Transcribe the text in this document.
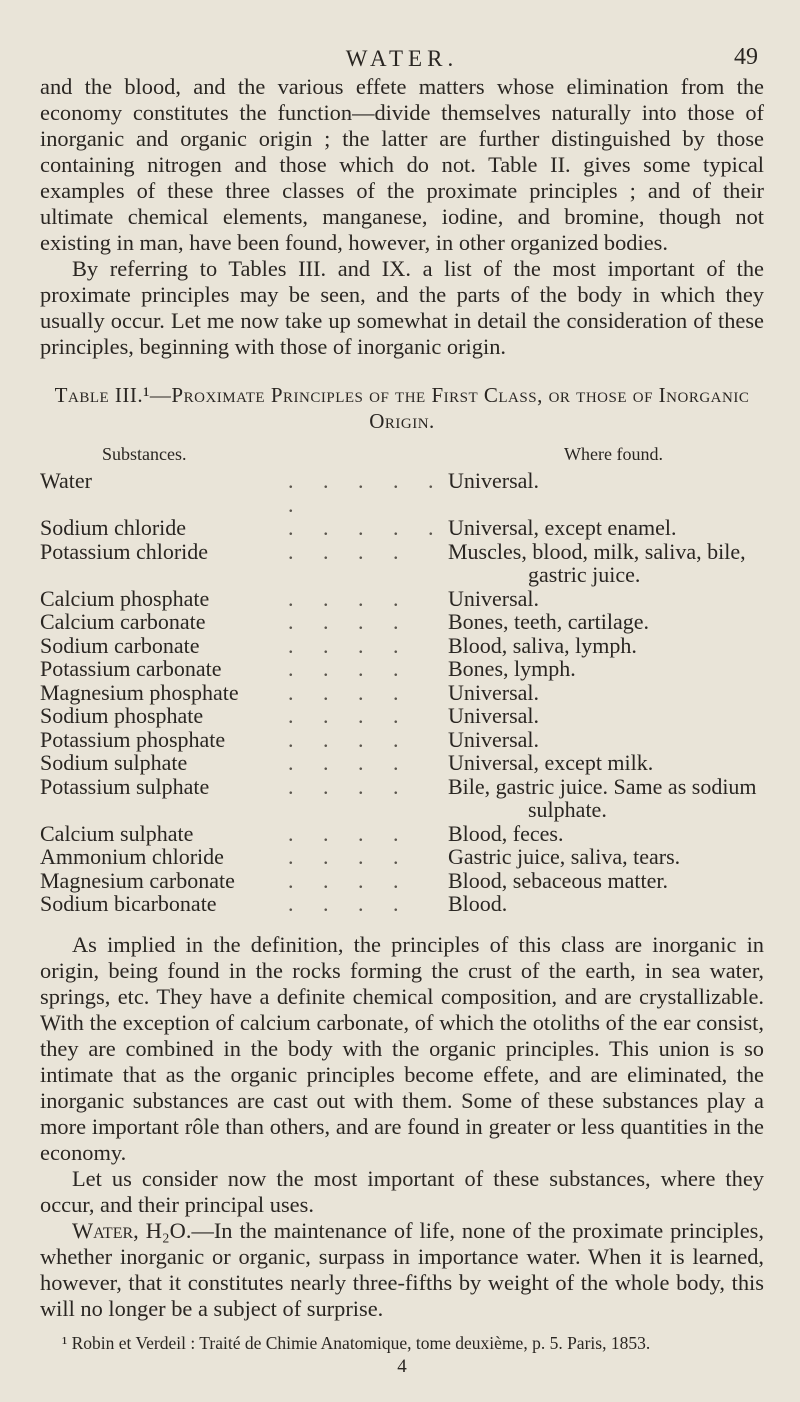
WATER.	49

and the blood, and the various effete matters whose elimination from the economy constitutes the function—divide themselves naturally into those of inorganic and organic origin ; the latter are further distinguished by those containing nitrogen and those which do not. Table II. gives some typical examples of these three classes of the proximate principles ; and of their ultimate chemical elements, manganese, iodine, and bromine, though not existing in man, have been found, however, in other organized bodies.

By referring to Tables III. and IX. a list of the most important of the proximate principles may be seen, and the parts of the body in which they usually occur. Let me now take up somewhat in detail the consideration of these principles, beginning with those of inorganic origin.

Table III.¹—Proximate Principles of the First Class, or those of Inorganic Origin.
Substances.		Where found.
Water	. . . . . .	Universal.
Sodium chloride	. . . . .	Universal, except enamel.
Potassium chloride	. . . .	Muscles, blood, milk, saliva, bile,
gastric juice.

Calcium phosphate	. . . .	Universal.
Calcium carbonate	. . . .	Bones, teeth, cartilage.
Sodium carbonate	. . . .	Blood, saliva, lymph.
Potassium carbonate	. . . .	Bones, lymph.
Magnesium phosphate	. . . .	Universal.
Sodium phosphate	. . . .	Universal.
Potassium phosphate	. . . .	Universal.
Sodium sulphate	. . . .	Universal, except milk.
Potassium sulphate	. . . .	Bile, gastric juice. Same as sodium
sulphate.

Calcium sulphate	. . . .	Blood, feces.
Ammonium chloride	. . . .	Gastric juice, saliva, tears.
Magnesium carbonate	. . . .	Blood, sebaceous matter.
Sodium bicarbonate	. . . .	Blood.

As implied in the definition, the principles of this class are inorganic in origin, being found in the rocks forming the crust of the earth, in sea water, springs, etc. They have a definite chemical composition, and are crystallizable. With the exception of calcium carbonate, of which the otoliths of the ear consist, they are combined in the body with the organic principles. This union is so intimate that as the organic principles become effete, and are eliminated, the inorganic substances are cast out with them. Some of these substances play a more important rôle than others, and are found in greater or less quantities in the economy.

Let us consider now the most important of these substances, where they occur, and their principal uses.

Water, H₂O.—In the maintenance of life, none of the proximate principles, whether inorganic or organic, surpass in importance water. When it is learned, however, that it constitutes nearly three-fifths by weight of the whole body, this will no longer be a subject of surprise.

¹ Robin et Verdeil : Traité de Chimie Anatomique, tome deuxième, p. 5. Paris, 1853.
4
